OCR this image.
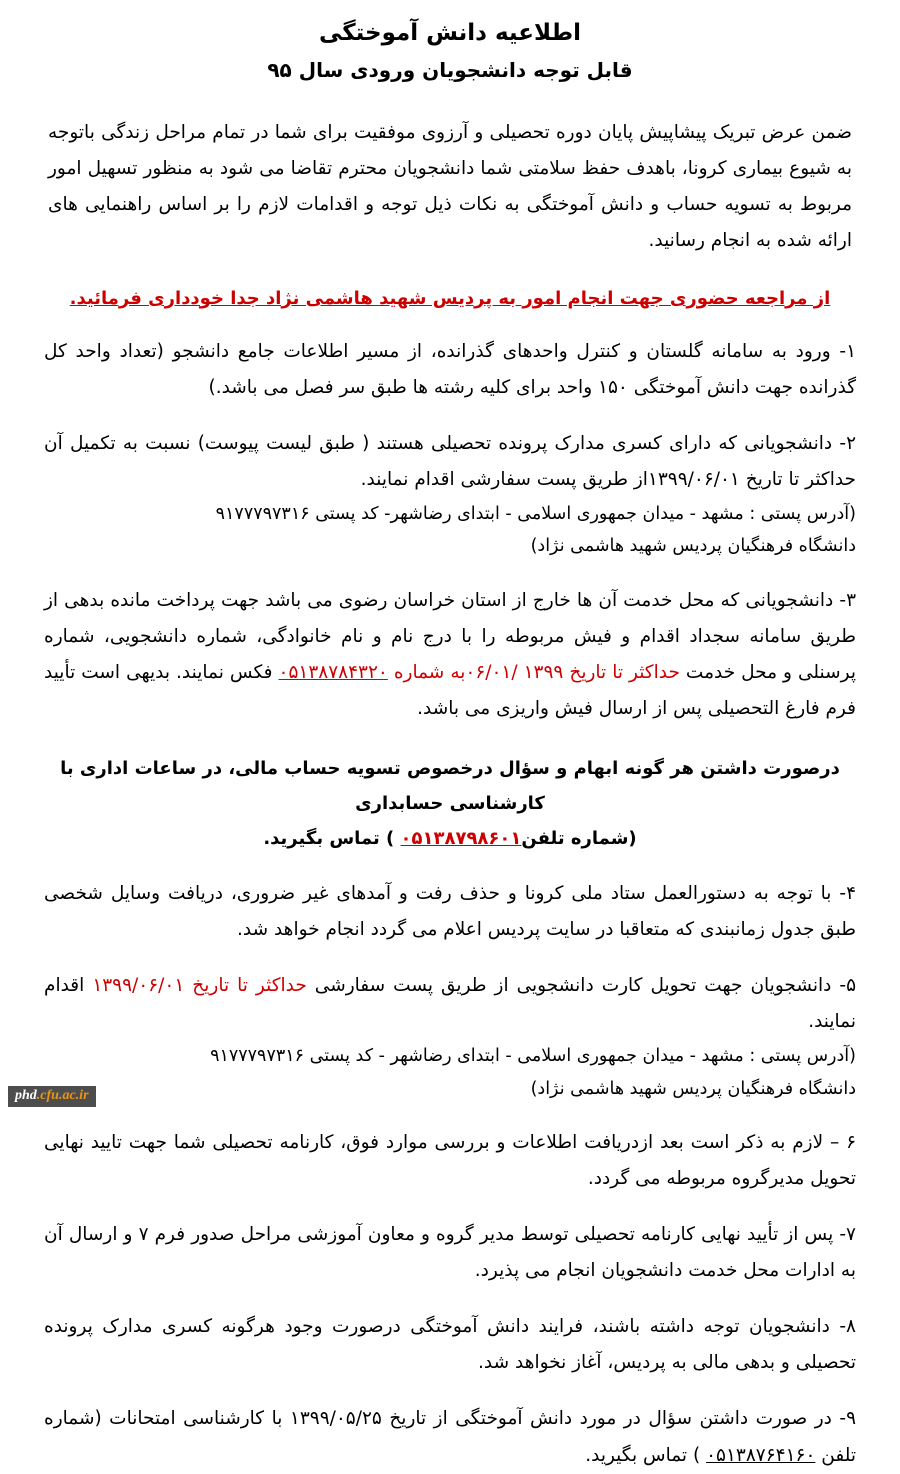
اطلاعیه دانش آموختگی
قابل توجه دانشجویان ورودی سال ۹۵

ضمن عرض تبریک پیشاپیش پایان دوره تحصیلی و آرزوی موفقیت برای شما در تمام مراحل زندگی باتوجه به شیوع بیماری کرونا، باهدف حفظ سلامتی شما دانشجویان محترم تقاضا می شود به منظور تسهیل امور مربوط به تسویه حساب و دانش آموختگی به نکات ذیل توجه و اقدامات لازم را بر اساس راهنمایی های ارائه شده به انجام رسانید.

از مراجعه حضوری جهت انجام امور به پردیس شهید هاشمی نژاد جدا خودداری فرمائید.

۱- ورود به سامانه گلستان و کنترل واحدهای گذرانده، از مسیر اطلاعات جامع دانشجو (تعداد واحد کل گذرانده جهت دانش آموختگی ۱۵۰ واحد برای کلیه رشته ها طبق سر فصل می باشد.)

۲- دانشجویانی که دارای کسری مدارک پرونده تحصیلی هستند ( طبق لیست پیوست) نسبت به تکمیل آن حداکثر تا تاریخ ۱۳۹۹/۰۶/۰۱از طریق پست سفارشی اقدام نمایند.
(آدرس پستی : مشهد - میدان جمهوری اسلامی - ابتدای رضاشهر- کد پستی ۹۱۷۷۷۹۷۳۱۶
دانشگاه فرهنگیان پردیس شهید هاشمی نژاد)

۳- دانشجویانی که محل خدمت آن ها خارج از استان خراسان رضوی می باشد جهت پرداخت مانده بدهی از طریق سامانه سجداد اقدام و فیش مربوطه را با درج نام و نام خانوادگی، شماره دانشجویی، شماره پرسنلی و محل خدمت حداکثر تا تاریخ ۱۳۹۹ /۰۶/۰۱به شماره ۰۵۱۳۸۷۸۴۳۲۰ فکس نمایند. بدیهی است تأیید فرم فارغ التحصیلی پس از ارسال فیش واریزی می باشد.

درصورت داشتن هر گونه ابهام و سؤال درخصوص تسویه حساب مالی، در ساعات اداری با کارشناسی حسابداری
(شماره تلفن۰۵۱۳۸۷۹۸۶۰۱ ) تماس بگیرید.

۴- با توجه به دستورالعمل ستاد ملی کرونا و حذف رفت و آمدهای غیر ضروری، دریافت وسایل شخصی طبق جدول زمانبندی که متعاقبا در سایت پردیس اعلام می گردد انجام خواهد شد.

۵- دانشجویان جهت تحویل کارت دانشجویی از طریق پست سفارشی حداکثر تا تاریخ ۱۳۹۹/۰۶/۰۱ اقدام نمایند.
(آدرس پستی : مشهد - میدان جمهوری اسلامی - ابتدای رضاشهر - کد پستی ۹۱۷۷۷۹۷۳۱۶
دانشگاه فرهنگیان پردیس شهید هاشمی نژاد)

۶ – لازم به ذکر است بعد ازدریافت اطلاعات و بررسی موارد فوق، کارنامه تحصیلی شما جهت تایید نهایی تحویل مدیرگروه مربوطه می گردد.

۷- پس از تأیید نهایی کارنامه تحصیلی توسط مدیر گروه و معاون آموزشی مراحل صدور فرم ۷ و ارسال آن به ادارات محل خدمت دانشجویان انجام می پذیرد.

۸- دانشجویان توجه داشته باشند، فرایند دانش آموختگی درصورت وجود هرگونه کسری مدارک پرونده تحصیلی و بدهی مالی به پردیس، آغاز نخواهد شد.

۹- در صورت داشتن سؤال در مورد دانش آموختگی از تاریخ ۱۳۹۹/۰۵/۲۵ با کارشناسی امتحانات (شماره تلفن ۰۵۱۳۸۷۶۴۱۶۰ ) تماس بگیرید.

phd.cfu.ac.ir
